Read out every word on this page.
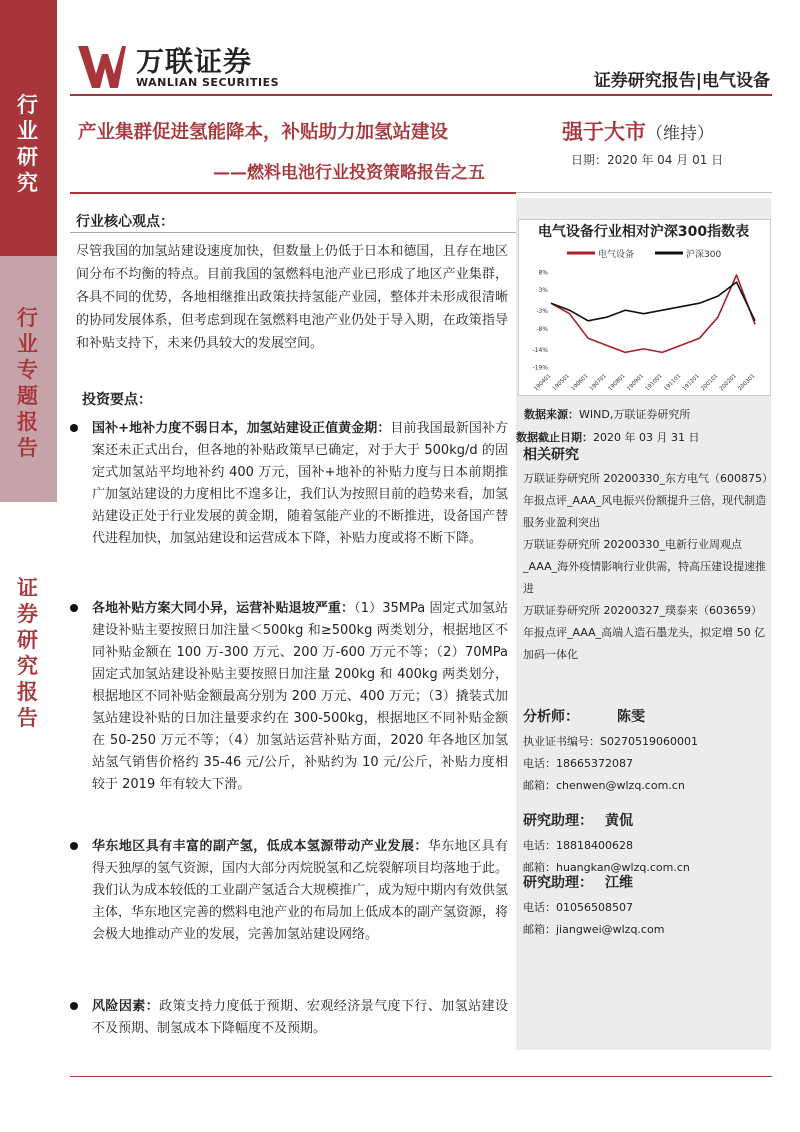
行
业
研
究
行
业
专
题
报
告
证
券
研
究
报
告
万联证券
WANLIAN SECURITIES	证券研究报告|电气设备
产业集群促进氢能降本，补贴助力加氢站建设
——燃料电池行业投资策略报告之五
强于大市（维持）
日期：2020 年 04 月 01 日
行业核心观点：
尽管我国的加氢站建设速度加快，但数量上仍低于日本和德国，且存在地区间分布不均衡的特点。目前我国的氢燃料电池产业已形成了地区产业集群，各具不同的优势，各地相继推出政策扶持氢能产业园，整体并未形成很清晰的协同发展体系，但考虑到现在氢燃料电池产业仍处于导入期，在政策指导和补贴支持下，未来仍具较大的发展空间。
投资要点：
国补+地补力度不弱日本，加氢站建设正值黄金期：目前我国最新国补方案还未正式出台，但各地的补贴政策早已确定，对于大于 500kg/d 的固定式加氢站平均地补约 400 万元，国补+地补的补贴力度与日本前期推广加氢站建设的力度相比不遑多让，我们认为按照目前的趋势来看，加氢站建设正处于行业发展的黄金期，随着氢能产业的不断推进，设备国产替代进程加快，加氢站建设和运营成本下降，补贴力度或将不断下降。
各地补贴方案大同小异，运营补贴退坡严重：（1）35MPa 固定式加氢站建设补贴主要按照日加注量＜500kg 和≥500kg 两类划分，根据地区不同补贴金额在 100 万-300 万元、200 万-600 万元不等；（2）70MPa 固定式加氢站建设补贴主要按照日加注量 200kg 和 400kg 两类划分，根据地区不同补贴金额最高分别为 200 万元、400 万元；（3）撬装式加氢站建设补贴的日加注量要求约在 300-500kg，根据地区不同补贴金额在 50-250 万元不等；（4）加氢站运营补贴方面，2020 年各地区加氢站氢气销售价格约 35-46 元/公斤，补贴约为 10 元/公斤，补贴力度相较于 2019 年有较大下滑。
华东地区具有丰富的副产氢，低成本氢源带动产业发展：华东地区具有得天独厚的氢气资源，国内大部分丙烷脱氢和乙烷裂解项目均落地于此。我们认为成本较低的工业副产氢适合大规模推广，成为短中期内有效供氢主体，华东地区完善的燃料电池产业的布局加上低成本的副产氢资源，将会极大地推动产业的发展，完善加氢站建设网络。
风险因素：政策支持力度低于预期、宏观经济景气度下行、加氢站建设不及预期、制氢成本下降幅度不及预期。
电气设备	沪深300
8%
3%
-3%
-8%
-14%
-19%
190401 190501 190601 190701 190801 190901 191001 191101 191201 200101 200201 200301
电气设备行业相对沪深300指数表
数据来源：WIND,万联证券研究所
数据截止日期：2020 年 03 月 31 日
相关研究
万联证券研究所 20200330_东方电气（600875）年报点评_AAA_风电振兴份额提升三倍，现代制造服务业盈利突出
万联证券研究所 20200330_电新行业周观点_AAA_海外疫情影响行业供需，特高压建设提速推进
万联证券研究所 20200327_璞泰来（603659）年报点评_AAA_高端人造石墨龙头，拟定增 50 亿加码一体化
分析师：	陈雯
执业证书编号：S0270519060001
电话：18665372087
邮箱：chenwen@wlzq.com.cn
研究助理： 黄侃
电话：18818400628
邮箱：huangkan@wlzq.com.cn
研究助理： 江维
电话：01056508507
邮箱：jiangwei@wlzq.com
